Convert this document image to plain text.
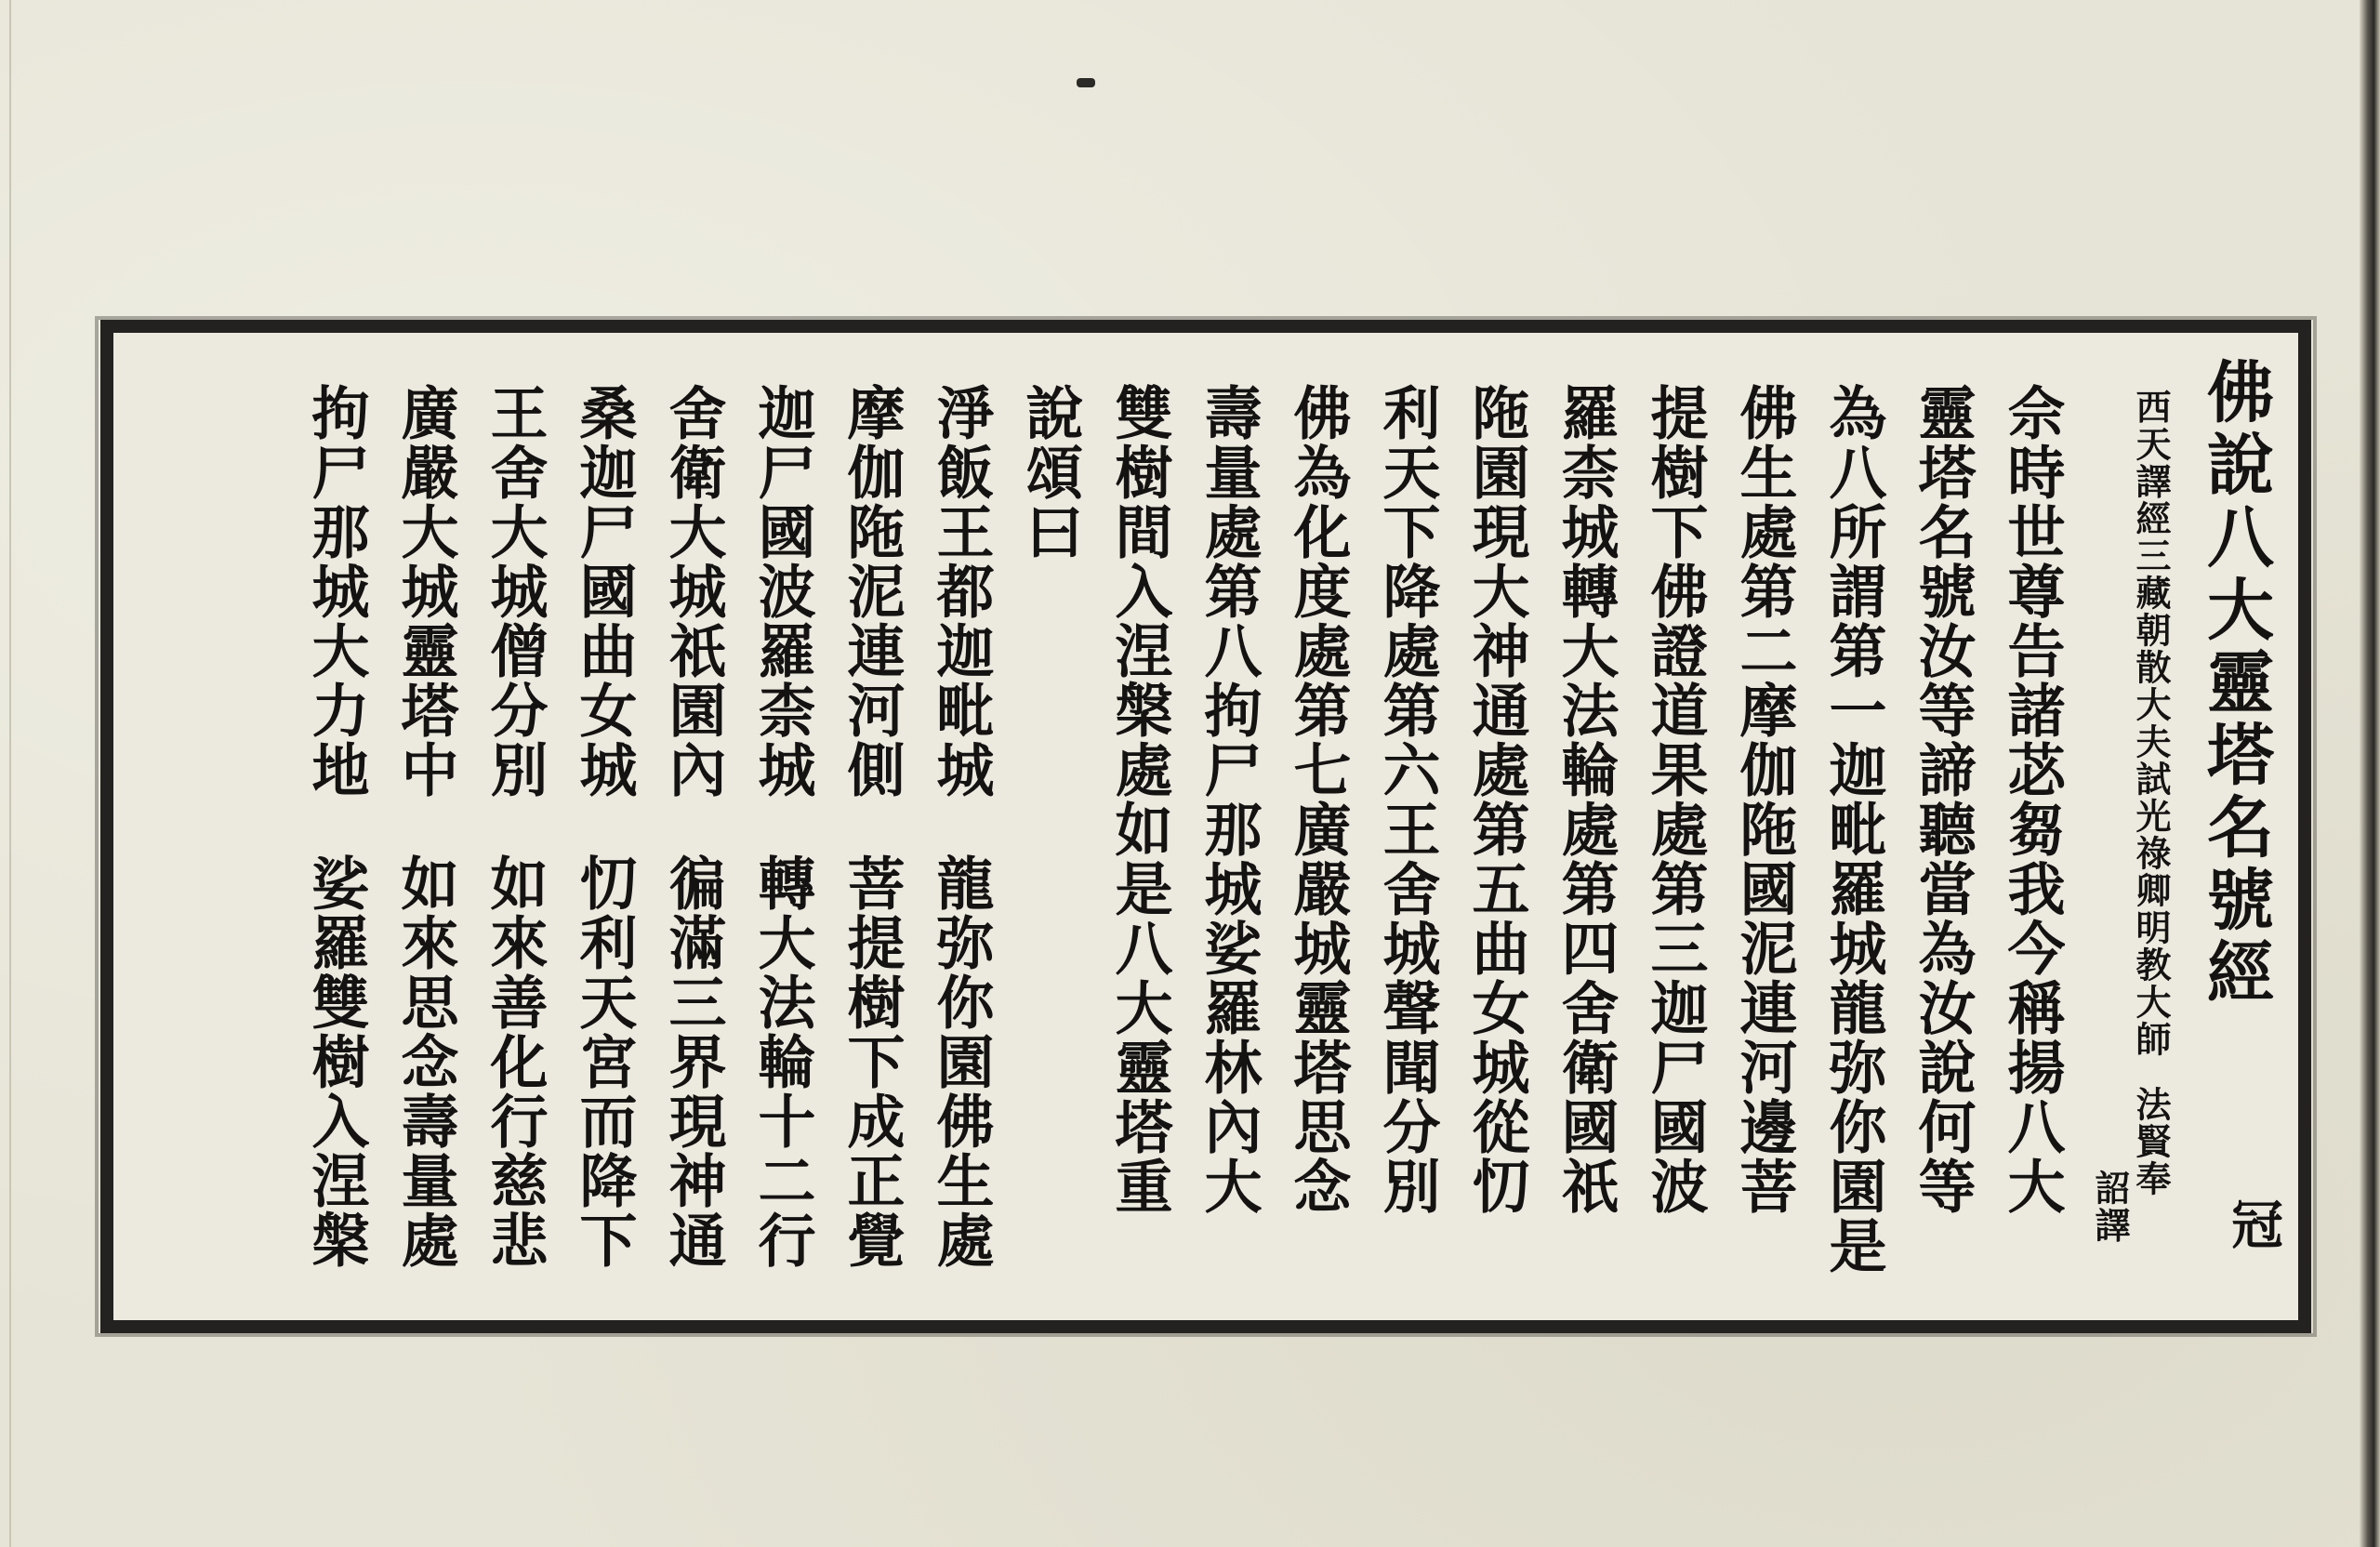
佛說八大靈塔名號經
冠
西天譯經三藏朝散大夫試光祿卿明教大師
法賢奉
詔譯
佘時世尊告諸苾芻我今稱揚八大
靈塔名號汝等諦聽當為汝說何等
為八所謂第一迦毗羅城龍弥你園是
佛生處第二摩伽陁國泥連河邊菩
提樹下佛證道果處第三迦尸國波
羅柰城轉大法輪處第四舍衛國祇
陁園現大神通處第五曲女城從忉
利天下降處第六王舍城聲聞分別
佛為化度處第七廣嚴城靈塔思念
壽量處第八拘尸那城娑羅林內大
雙樹間入涅槃處如是八大靈塔重
說頌曰
淨飯王都迦毗城
龍弥你園佛生處
摩伽陁泥連河側
菩提樹下成正覺
迦尸國波羅柰城
轉大法輪十二行
舍衛大城祇園內
徧滿三界現神通
桑迦尸國曲女城
忉利天宮而降下
王舍大城僧分別
如來善化行慈悲
廣嚴大城靈塔中
如來思念壽量處
拘尸那城大力地
娑羅雙樹入涅槃
